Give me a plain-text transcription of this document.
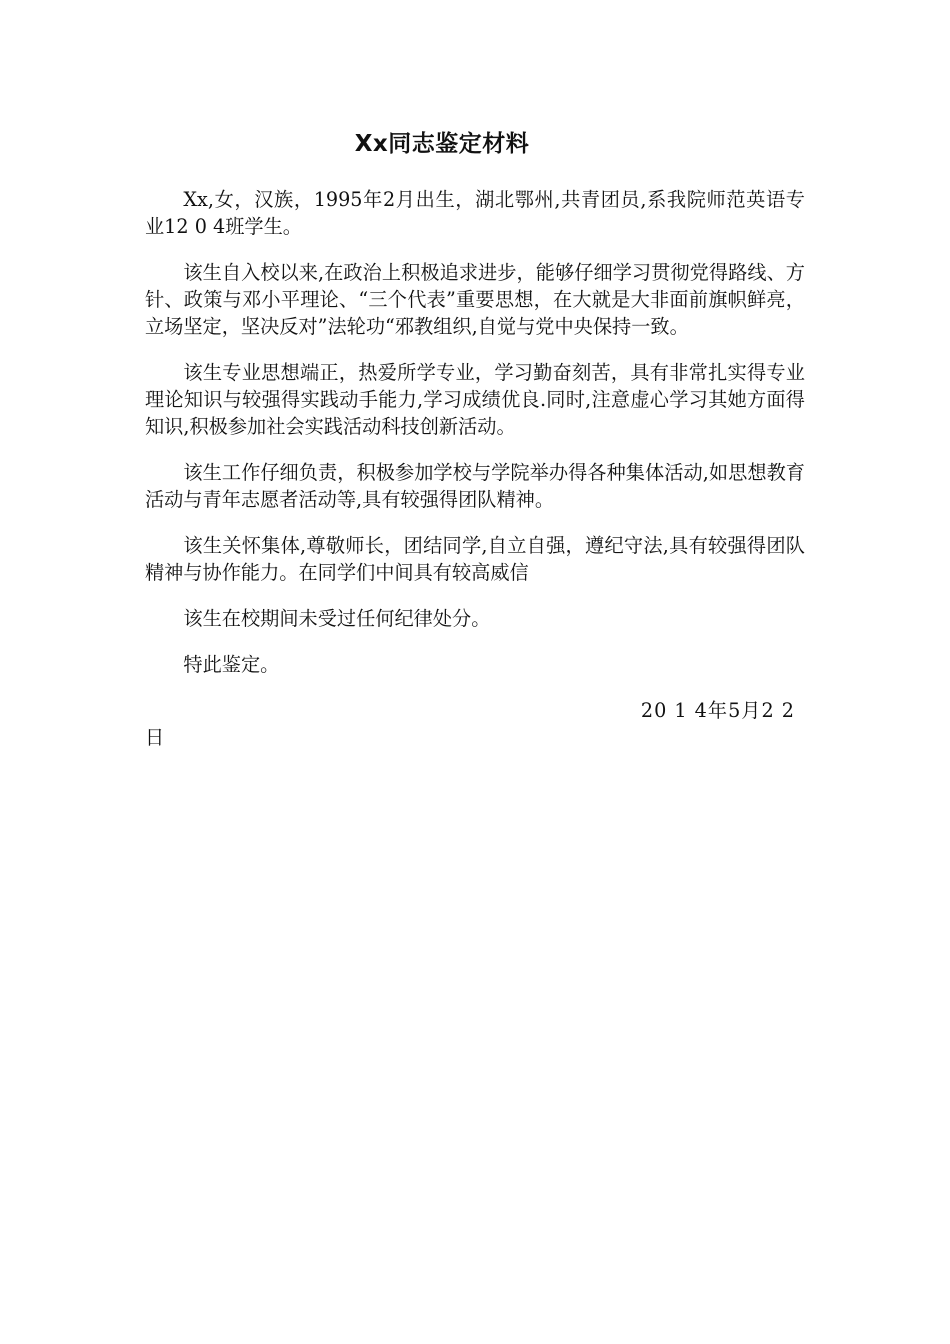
Xx同志鉴定材料

Xx,女，汉族，1995年2月出生，湖北鄂州,共青团员,系我院师范英语专业12 0 4班学生。

该生自入校以来,在政治上积极追求进步，能够仔细学习贯彻党得路线、方针、政策与邓小平理论、“三个代表”重要思想，在大就是大非面前旗帜鲜亮，立场坚定，坚决反对”法轮功“邪教组织,自觉与党中央保持一致。

该生专业思想端正，热爱所学专业，学习勤奋刻苦，具有非常扎实得专业理论知识与较强得实践动手能力,学习成绩优良.同时,注意虚心学习其她方面得知识,积极参加社会实践活动科技创新活动。

该生工作仔细负责，积极参加学校与学院举办得各种集体活动,如思想教育活动与青年志愿者活动等,具有较强得团队精神。

该生关怀集体,尊敬师长，团结同学,自立自强，遵纪守法,具有较强得团队精神与协作能力。在同学们中间具有较高威信

该生在校期间未受过任何纪律处分。

特此鉴定。

20 1 4年5月2 2

日
